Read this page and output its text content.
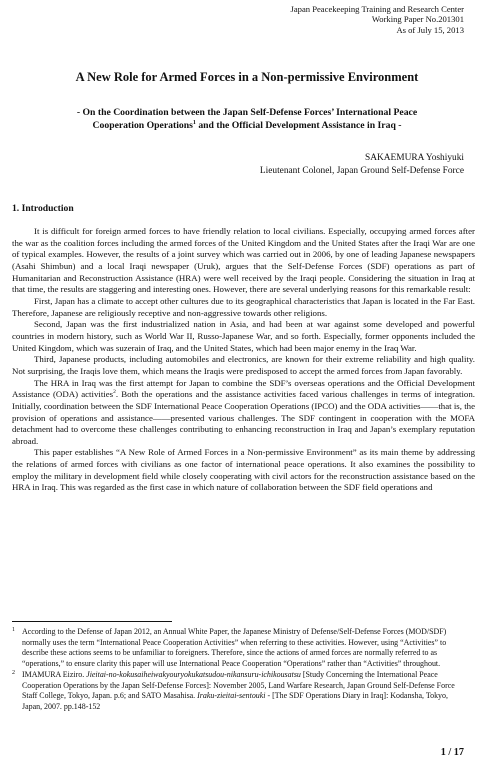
Japan Peacekeeping Training and Research Center
Working Paper No.201301
As of July 15, 2013
A New Role for Armed Forces in a Non-permissive Environment
- On the Coordination between the Japan Self-Defense Forces’ International Peace
Cooperation Operations$^1$ and the Official Development Assistance in Iraq -
SAKAEMURA Yoshiyuki
Lieutenant Colonel, Japan Ground Self-Defense Force
1. Introduction

It is difficult for foreign armed forces to have friendly relation to local civilians. Especially, occupying armed forces after the war as the coalition forces including the armed forces of the United Kingdom and the United States after the Iraqi War are one of typical examples. However, the results of a joint survey which was carried out in 2006, by one of leading Japanese newspapers (Asahi Shimbun) and a local Iraqi newspaper (Uruk), argues that the Self-Defense Forces (SDF) operations as part of Humanitarian and Reconstruction Assistance (HRA) were well received by the Iraqi people. Considering the situation in Iraq at that time, the results are staggering and interesting ones. However, there are several underlying reasons for this remarkable result:

First, Japan has a climate to accept other cultures due to its geographical characteristics that Japan is located in the Far East. Therefore, Japanese are religiously receptive and non-aggressive towards other religions.

Second, Japan was the first industrialized nation in Asia, and had been at war against some developed and powerful countries in modern history, such as World War II, Russo-Japanese War, and so forth. Especially, former opponents included the United Kingdom, which was suzerain of Iraq, and the United States, which had been major enemy in the Iraq War.

Third, Japanese products, including automobiles and electronics, are known for their extreme reliability and high quality. Not surprising, the Iraqis love them, which means the Iraqis were predisposed to accept the armed forces from Japan favorably.

The HRA in Iraq was the first attempt for Japan to combine the SDF’s overseas operations and the Official Development Assistance (ODA) activities$^2$. Both the operations and the assistance activities faced various challenges in terms of integration. Initially, coordination between the SDF International Peace Cooperation Operations (IPCO) and the ODA activities――that is, the provision of operations and assistance――presented various challenges. The SDF contingent in cooperation with the MOFA detachment had to overcome these challenges contributing to enhancing reconstruction in Iraq and Japan’s exemplary reputation abroad.

This paper establishes “A New Role of Armed Forces in a Non-permissive Environment” as its main theme by addressing the relations of armed forces with civilians as one factor of international peace operations. It also examines the possibility to employ the military in development field while closely cooperating with civil actors for the reconstruction assistance based on the HRA in Iraq. This was regarded as the first case in which nature of collaboration between the SDF field operations and

1 According to the Defense of Japan 2012, an Annual White Paper, the Japanese Ministry of Defense/Self-Defense Forces (MOD/SDF) normally uses the term “International Peace Cooperation Activities” when referring to these activities. However, using “Activities” to describe these actions seems to be unfamiliar to foreigners. Therefore, since the actions of armed forces are normally referred to as “operations,” to ensure clarity this paper will use International Peace Cooperation “Operations” rather than “Activities” throughout.
2 IMAMURA Eiziro. Jieitai-no-kokusaiheiwakyouryokukatsudou-nikansuru-ichikousatsu [Study Concerning the International Peace Cooperation Operations by the Japan Self-Defense Forces]: November 2005, Land Warfare Research, Japan Ground Self-Defense Force Staff College, Tokyo, Japan. p.6; and SATO Masahisa. Iraku-zieitai-sentouki - [The SDF Operations Diary in Iraq]: Kodansha, Tokyo, Japan, 2007. pp.148-152
1 / 17
